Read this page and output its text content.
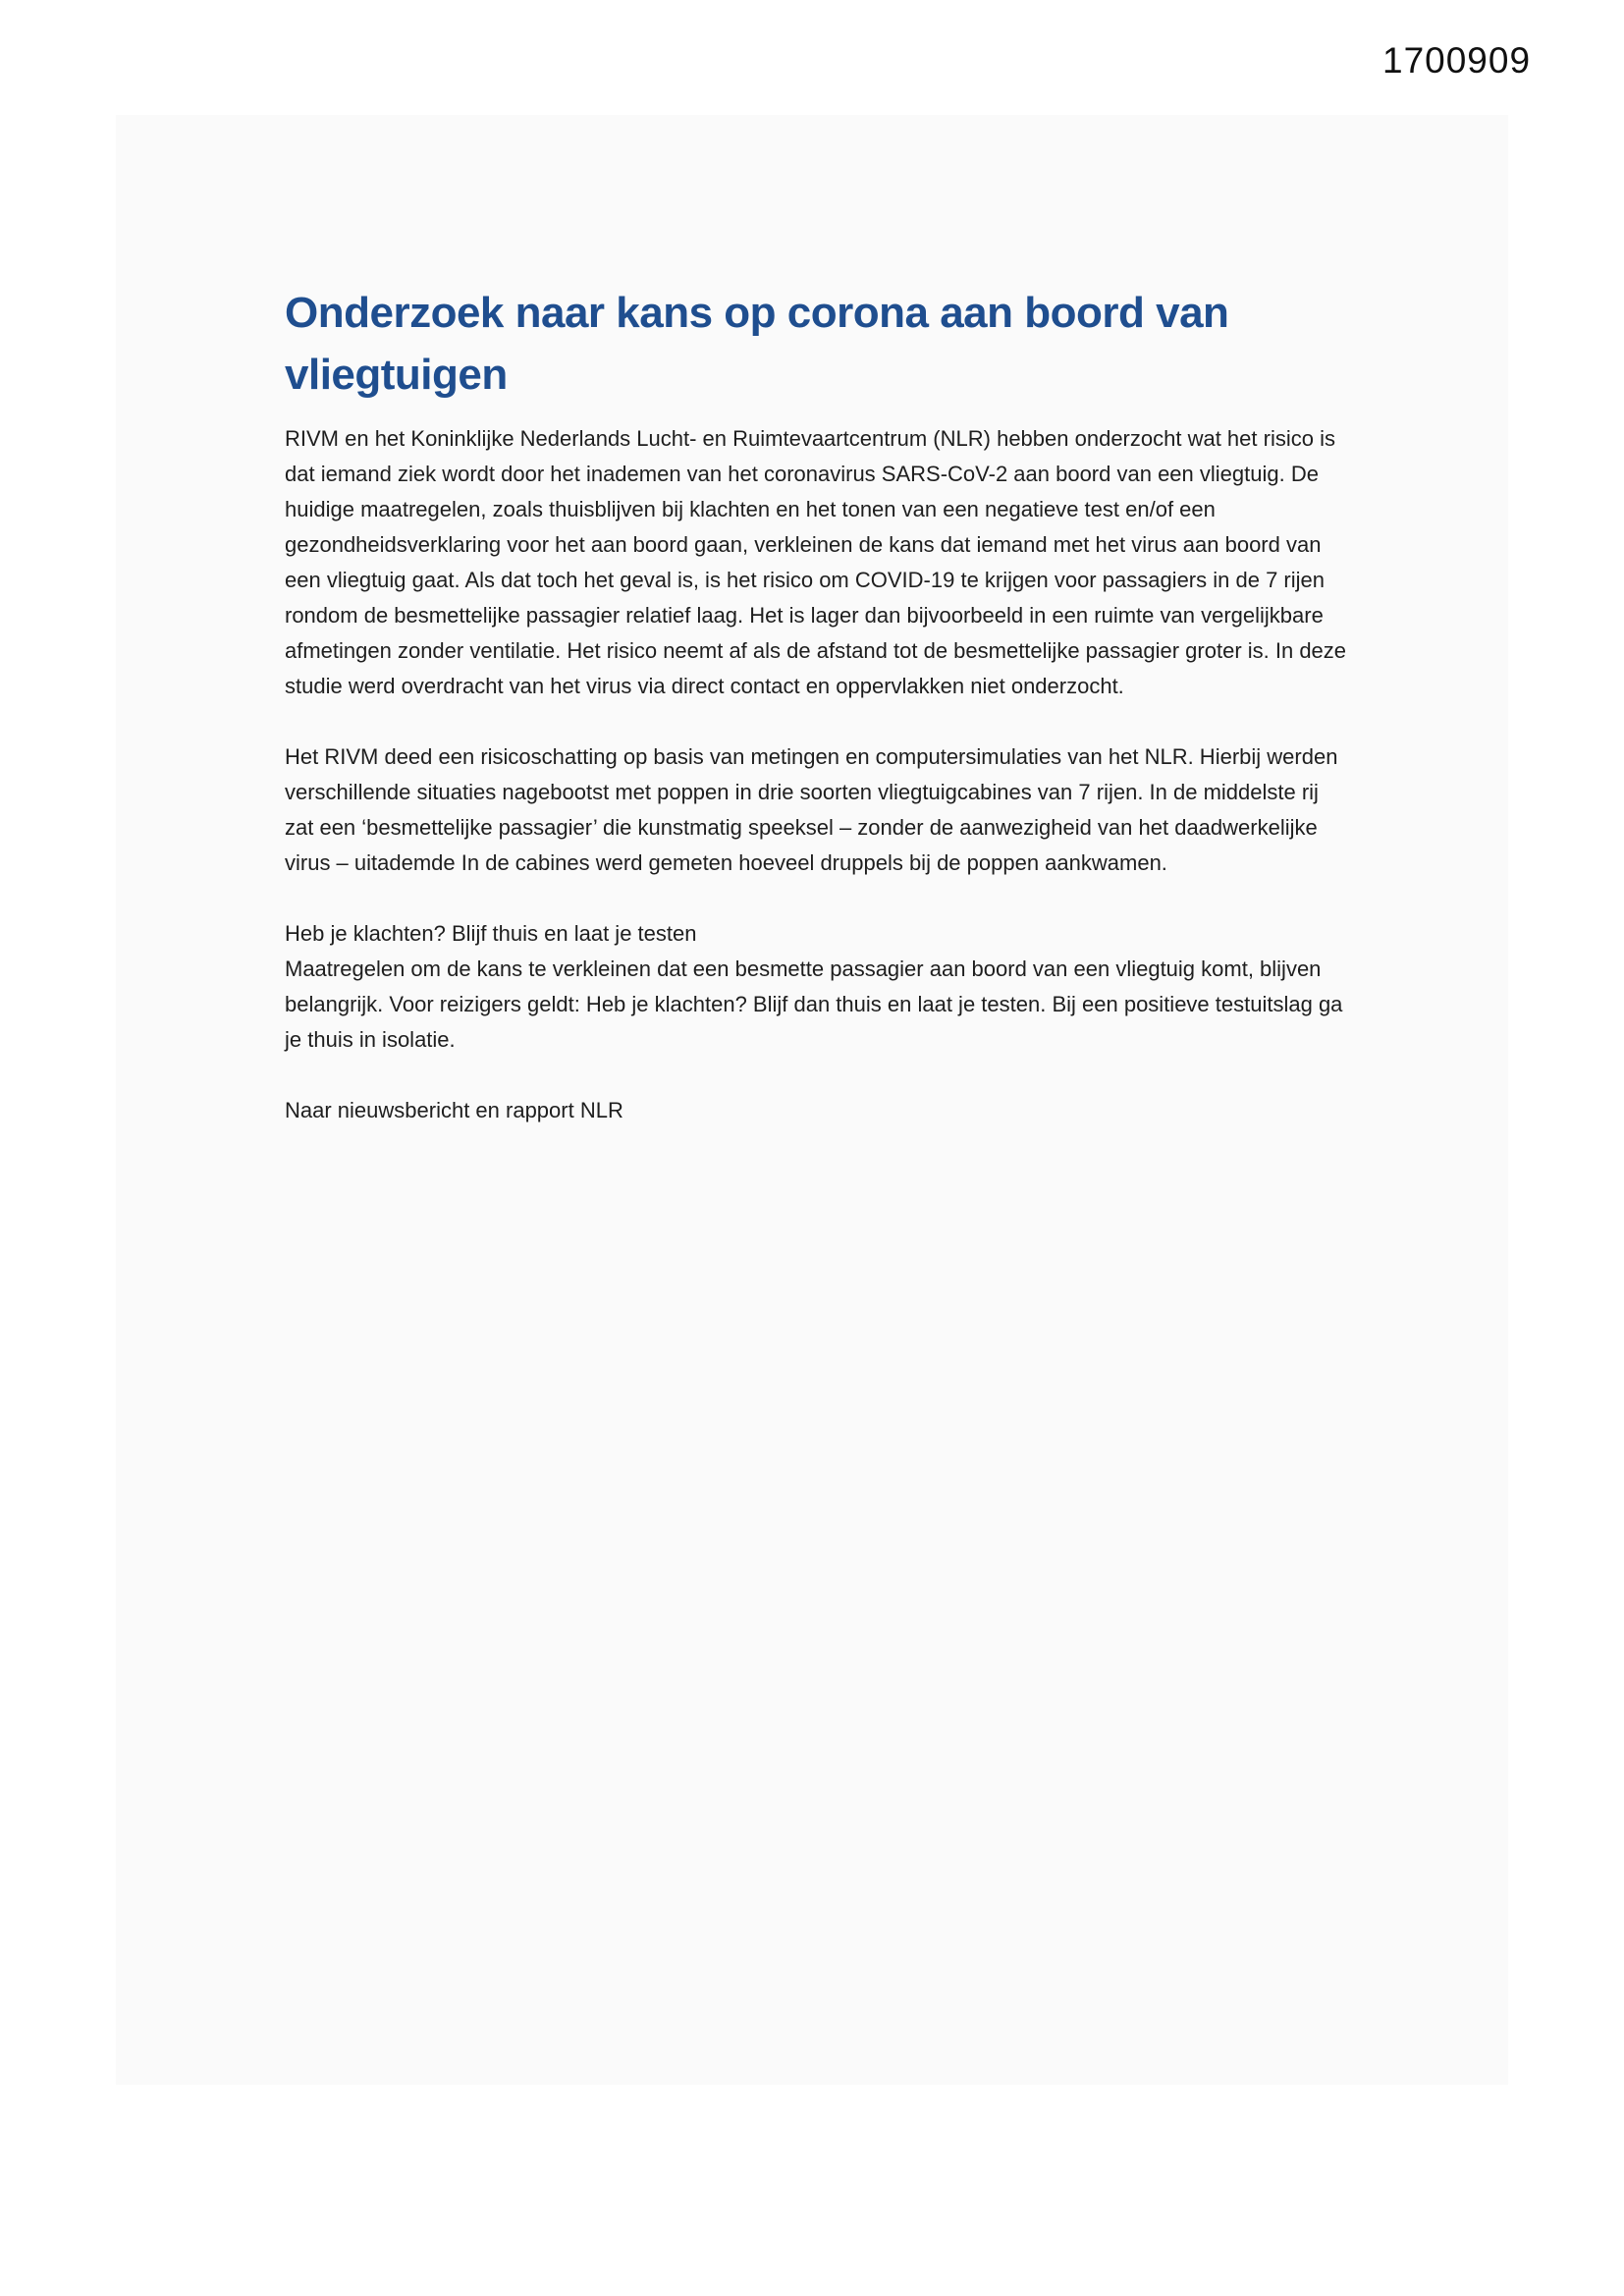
1700909
Onderzoek naar kans op corona aan boord van vliegtuigen

RIVM en het Koninklijke Nederlands Lucht- en Ruimtevaartcentrum (NLR) hebben onderzocht wat het risico is dat iemand ziek wordt door het inademen van het coronavirus SARS-CoV-2 aan boord van een vliegtuig. De huidige maatregelen, zoals thuisblijven bij klachten en het tonen van een negatieve test en/of een gezondheidsverklaring voor het aan boord gaan, verkleinen de kans dat iemand met het virus aan boord van een vliegtuig gaat. Als dat toch het geval is, is het risico om COVID-19 te krijgen voor passagiers in de 7 rijen rondom de besmettelijke passagier relatief laag. Het is lager dan bijvoorbeeld in een ruimte van vergelijkbare afmetingen zonder ventilatie. Het risico neemt af als de afstand tot de besmettelijke passagier groter is. In deze studie werd overdracht van het virus via direct contact en oppervlakken niet onderzocht.

Het RIVM deed een risicoschatting op basis van metingen en computersimulaties van het NLR. Hierbij werden verschillende situaties nagebootst met poppen in drie soorten vliegtuigcabines van 7 rijen. In de middelste rij zat een ‘besmettelijke passagier’ die kunstmatig speeksel – zonder de aanwezigheid van het daadwerkelijke virus – uitademde In de cabines werd gemeten hoeveel druppels bij de poppen aankwamen.

Heb je klachten? Blijf thuis en laat je testen

Maatregelen om de kans te verkleinen dat een besmette passagier aan boord van een vliegtuig komt, blijven belangrijk. Voor reizigers geldt: Heb je klachten? Blijf dan thuis en laat je testen. Bij een positieve testuitslag ga je thuis in isolatie.

Naar nieuwsbericht en rapport NLR
